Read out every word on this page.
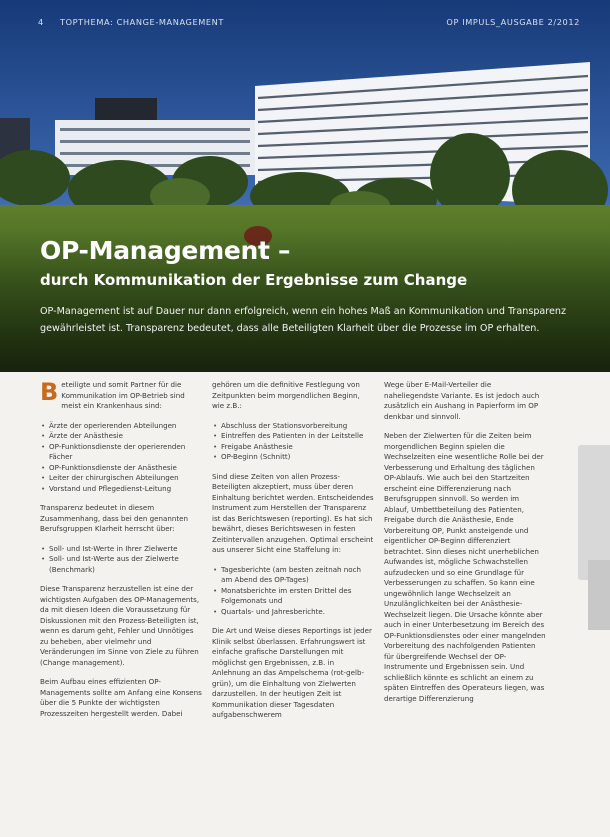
4 TOPTHEMA: CHANGE-MANAGEMENT	OP IMPULS_AUSGABE 2/2012
OP-Management –
durch Kommunikation der Ergebnisse zum Change
OP-Management ist auf Dauer nur dann erfolgreich, wenn ein hohes Maß an Kommunikation und Transparenz gewährleistet ist. Transparenz bedeutet, dass alle Beteiligten Klarheit über die Prozesse im OP erhalten.

Beteiligte und somit Partner für die Kommunikation im OP-Betrieb sind meist ein Krankenhaus sind:

• Ärzte der operierenden Abteilungen
• Ärzte der Anästhesie
• OP-Funktionsdienste der operierenden Fächer
• OP-Funktionsdienste der Anästhesie
• Leiter der chirurgischen Abteilungen
• Vorstand und Pflegedienst-Leitung

Transparenz bedeutet in diesem Zusammenhang, dass bei den genannten Berufsgruppen Klarheit herrscht über:

• Soll- und Ist-Werte in Ihrer Zielwerte
• Soll- und Ist-Werte aus der Zielwerte (Benchmark)

Diese Transparenz herzustellen ist eine der wichtigsten Aufgaben des OP-Managements, da mit diesen Ideen die Voraussetzung für Diskussionen mit den Prozess-Beteiligten ist, wenn es darum geht, Fehler und Unnötiges zu beheben, aber vielmehr und Veränderungen im Sinne von Ziele zu führen (Change management).

Beim Aufbau eines effizienten OP-Managements sollte am Anfang eine Konsens über die 5 Punkte der wichtigsten Prozesszeiten hergestellt werden. Dabei

gehören um die definitive Festlegung von Zeitpunkten beim morgendlichen Beginn, wie z.B.:

• Abschluss der Stationsvorbereitung
• Eintreffen des Patienten in der Leitstelle
• Freigabe Anästhesie
• OP-Beginn (Schnitt)

Sind diese Zeiten von allen Prozess-Beteiligten akzeptiert, muss über deren Einhaltung berichtet werden. Entscheidendes Instrument zum Herstellen der Transparenz ist das Berichtswesen (reporting). Es hat sich bewährt, dieses Berichtswesen in festen Zeitintervallen anzugehen. Optimal erscheint aus unserer Sicht eine Staffelung in:

• Tagesberichte (am besten zeitnah noch am Abend des OP-Tages)
• Monatsberichte im ersten Drittel des Folgemonats und
• Quartals- und Jahresberichte.

Die Art und Weise dieses Reportings ist jeder Klinik selbst überlassen. Erfahrungswert ist einfache grafische Darstellungen mit möglichst gen Ergebnissen, z.B. in Anlehnung an das Ampelschema (rot-gelb-grün), um die Einhaltung von Zielwerten darzustellen. In der heutigen Zeit ist Kommunikation dieser Tagesdaten aufgabenschwerem

Wege über E-Mail-Verteiler die naheliegendste Variante. Es ist jedoch auch zusätzlich ein Aushang in Papierform im OP denkbar und sinnvoll.

Neben der Zielwerten für die Zeiten beim morgendlichen Beginn spielen die Wechselzeiten eine wesentliche Rolle bei der Verbesserung und Erhaltung des täglichen OP-Ablaufs. Wie auch bei den Startzeiten erscheint eine Differenzierung nach Berufsgruppen sinnvoll. So werden im Ablauf, Umbettbeteilung des Patienten, Freigabe durch die Anästhesie, Ende Vorbereitung OP, Punkt ansteigende und eigentlicher OP-Beginn differenziert betrachtet. Sinn dieses nicht unerheblichen Aufwandes ist, mögliche Schwachstellen aufzudecken und so eine Grundlage für Verbesserungen zu schaffen. So kann eine ungewöhnlich lange Wechselzeit an Unzulänglichkeiten bei der Anästhesie-Wechselzeit liegen. Die Ursache könnte aber auch in einer Unterbesetzung im Bereich des OP-Funktionsdienstes oder einer mangelnden Vorbereitung des nachfolgenden Patienten für übergreifende Wechsel der OP-Instrumente und Ergebnissen sein. Und schließlich könnte es schlicht an einem zu späten Eintreffen des Operateurs liegen, was derartige Differenzierung
